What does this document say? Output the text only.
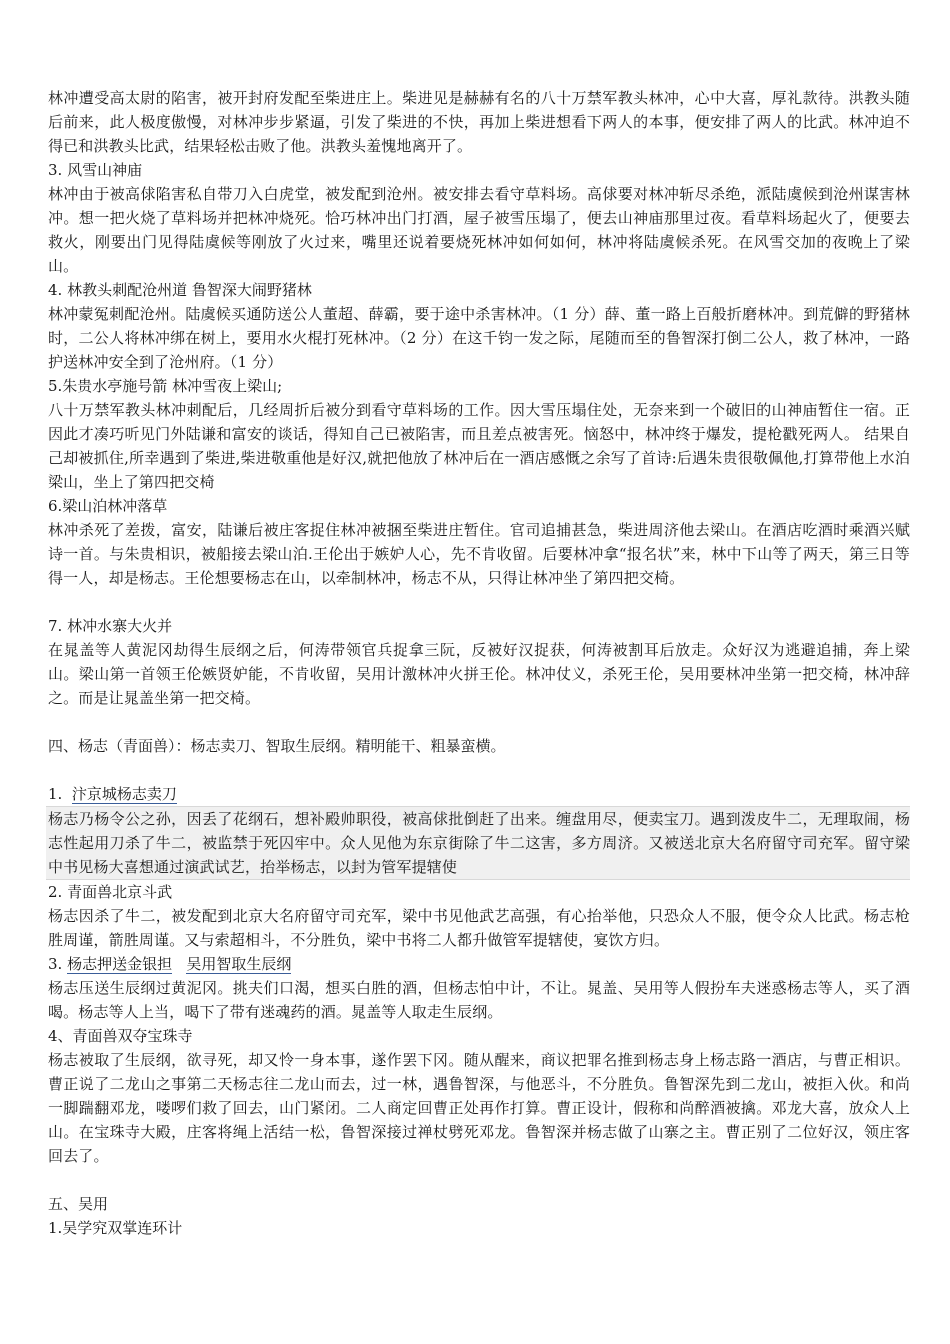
林冲遭受高太尉的陷害，被开封府发配至柴进庄上。柴进见是赫赫有名的八十万禁军教头林冲，心中大喜，厚礼款待。洪教头随后前来，此人极度傲慢，对林冲步步紧逼，引发了柴进的不快，再加上柴进想看下两人的本事，便安排了两人的比武。林冲迫不得已和洪教头比武，结果轻松击败了他。洪教头羞愧地离开了。

3. 风雪山神庙

林冲由于被高俅陷害私自带刀入白虎堂，被发配到沧州。被安排去看守草料场。高俅要对林冲斩尽杀绝，派陆虞候到沧州谋害林冲。想一把火烧了草料场并把林冲烧死。恰巧林冲出门打酒，屋子被雪压塌了，便去山神庙那里过夜。看草料场起火了，便要去救火，刚要出门见得陆虞候等刚放了火过来，嘴里还说着要烧死林冲如何如何，林冲将陆虞候杀死。在风雪交加的夜晚上了梁山。

4. 林教头刺配沧州道 鲁智深大闹野猪林

林冲蒙冤刺配沧州。陆虞候买通防送公人董超、薛霸，要于途中杀害林冲。（1 分）薛、董一路上百般折磨林冲。到荒僻的野猪林时，二公人将林冲绑在树上，要用水火棍打死林冲。（2 分）在这千钧一发之际，尾随而至的鲁智深打倒二公人，救了林冲，一路护送林冲安全到了沧州府。（1 分）

5.朱贵水亭施号箭 林冲雪夜上梁山;

八十万禁军教头林冲刺配后，几经周折后被分到看守草料场的工作。因大雪压塌住处，无奈来到一个破旧的山神庙暂住一宿。正因此才凑巧听见门外陆谦和富安的谈话，得知自己已被陷害，而且差点被害死。恼怒中，林冲终于爆发，提枪戳死两人。 结果自己却被抓住,所幸遇到了柴进,柴进敬重他是好汉,就把他放了林冲后在一酒店感慨之余写了首诗:后遇朱贵很敬佩他,打算带他上水泊梁山，坐上了第四把交椅

6.梁山泊林冲落草

林冲杀死了差拨，富安，陆谦后被庄客捉住林冲被捆至柴进庄暂住。官司追捕甚急，柴进周济他去梁山。在酒店吃酒时乘酒兴赋诗一首。与朱贵相识，被船接去梁山泊.王伦出于嫉妒人心，先不肯收留。后要林冲拿“报名状”来，林中下山等了两天，第三日等得一人，却是杨志。王伦想要杨志在山，以牵制林冲，杨志不从，只得让林冲坐了第四把交椅。

7. 林冲水寨大火并

在晁盖等人黄泥冈劫得生辰纲之后，何涛带领官兵捉拿三阮，反被好汉捉获，何涛被割耳后放走。众好汉为逃避追捕，奔上梁山。梁山第一首领王伦嫉贤妒能，不肯收留，吴用计激林冲火拼王伦。林冲仗义，杀死王伦，吴用要林冲坐第一把交椅，林冲辞之。而是让晁盖坐第一把交椅。

四、杨志（青面兽）：杨志卖刀、智取生辰纲。精明能干、粗暴蛮横。
1.  汴京城杨志卖刀

杨志乃杨令公之孙，因丢了花纲石，想补殿帅职役，被高俅批倒赶了出来。缠盘用尽，便卖宝刀。遇到泼皮牛二，无理取闹，杨志性起用刀杀了牛二，被监禁于死囚牢中。众人见他为东京街除了牛二这害，多方周济。又被送北京大名府留守司充军。留守梁中书见杨大喜想通过演武试艺，抬举杨志，以封为管军提辖使

2. 青面兽北京斗武

杨志因杀了牛二，被发配到北京大名府留守司充军，梁中书见他武艺高强，有心抬举他，只恐众人不服，便令众人比武。杨志枪胜周谨，箭胜周谨。又与索超相斗，不分胜负，梁中书将二人都升做管军提辖使，宴饮方归。

3. 杨志押送金银担 吴用智取生辰纲

杨志压送生辰纲过黄泥冈。挑夫们口渴，想买白胜的酒，但杨志怕中计，不让。晁盖、吴用等人假扮车夫迷惑杨志等人，买了酒喝。杨志等人上当，喝下了带有迷魂药的酒。晁盖等人取走生辰纲。

4、青面兽双夺宝珠寺

杨志被取了生辰纲，欲寻死，却又怜一身本事，遂作罢下冈。随从醒来，商议把罪名推到杨志身上杨志路一酒店，与曹正相识。曹正说了二龙山之事第二天杨志往二龙山而去，过一林，遇鲁智深，与他恶斗，不分胜负。鲁智深先到二龙山，被拒入伙。和尚一脚踹翻邓龙，喽啰们救了回去，山门紧闭。二人商定回曹正处再作打算。曹正设计，假称和尚醉酒被擒。邓龙大喜，放众人上山。在宝珠寺大殿，庄客将绳上活结一松，鲁智深接过禅杖劈死邓龙。鲁智深并杨志做了山寨之主。曹正别了二位好汉，领庄客回去了。

五、吴用
1.吴学究双掌连环计
